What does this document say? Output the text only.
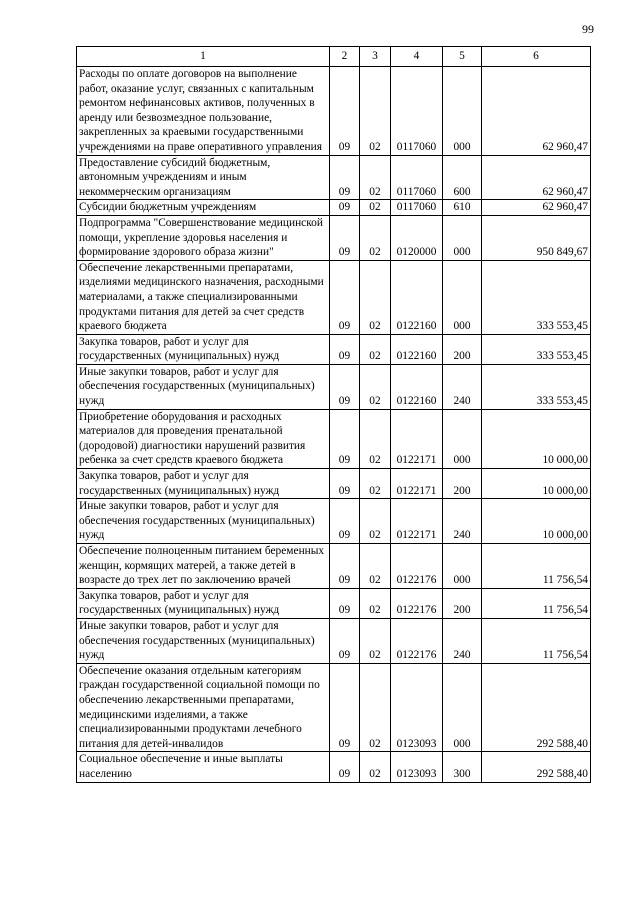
99
1	2	3	4	5	6
Расходы по оплате договоров на выполнение работ, оказание услуг, связанных с капитальным ремонтом нефинансовых активов, полученных в аренду или безвозмездное пользование, закрепленных за краевыми государственными учреждениями на праве оперативного управления	09	02	0117060	000	62 960,47
Предоставление субсидий бюджетным, автономным учреждениям и иным некоммерческим организациям	09	02	0117060	600	62 960,47
Субсидии бюджетным учреждениям	09	02	0117060	610	62 960,47
Подпрограмма "Совершенствование медицинской помощи, укрепление здоровья населения и формирование здорового образа жизни"	09	02	0120000	000	950 849,67
Обеспечение лекарственными препаратами, изделиями медицинского назначения, расходными материалами, а также специализированными продуктами питания для детей за счет средств краевого бюджета	09	02	0122160	000	333 553,45
Закупка товаров, работ и услуг для государственных (муниципальных) нужд	09	02	0122160	200	333 553,45
Иные закупки товаров, работ и услуг для обеспечения государственных (муниципальных) нужд	09	02	0122160	240	333 553,45
Приобретение оборудования и расходных материалов для проведения пренатальной (дородовой) диагностики нарушений развития ребенка за счет средств краевого бюджета	09	02	0122171	000	10 000,00
Закупка товаров, работ и услуг для государственных (муниципальных) нужд	09	02	0122171	200	10 000,00
Иные закупки товаров, работ и услуг для обеспечения государственных (муниципальных) нужд	09	02	0122171	240	10 000,00
Обеспечение полноценным питанием беременных женщин, кормящих матерей, а также детей в возрасте до трех лет по заключению врачей	09	02	0122176	000	11 756,54
Закупка товаров, работ и услуг для государственных (муниципальных) нужд	09	02	0122176	200	11 756,54
Иные закупки товаров, работ и услуг для обеспечения государственных (муниципальных) нужд	09	02	0122176	240	11 756,54
Обеспечение оказания отдельным категориям граждан государственной социальной помощи по обеспечению лекарственными препаратами, медицинскими изделиями, а также специализированными продуктами лечебного питания для детей-инвалидов	09	02	0123093	000	292 588,40
Социальное обеспечение и иные выплаты населению	09	02	0123093	300	292 588,40
